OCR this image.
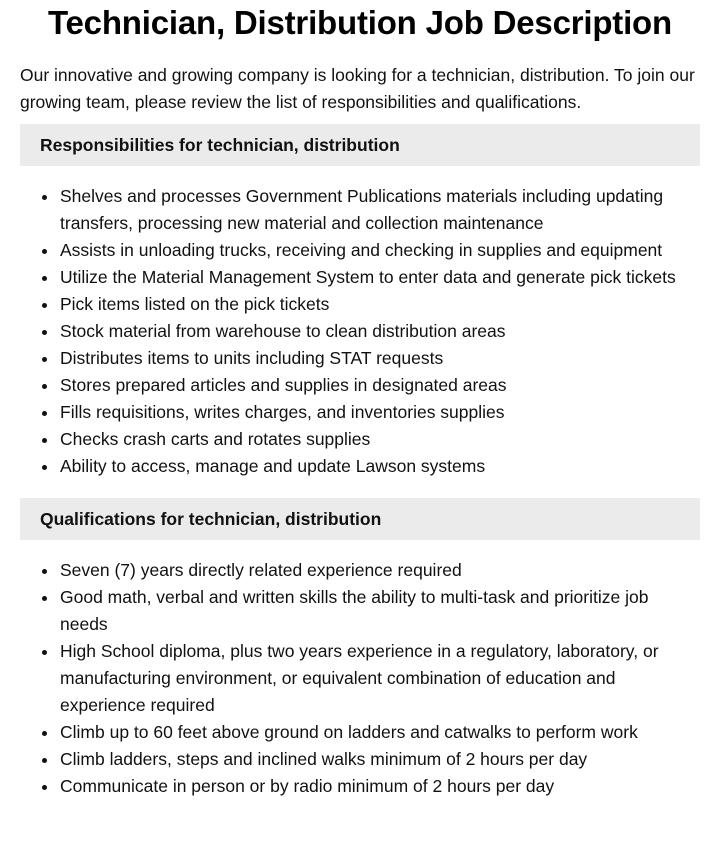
Technician, Distribution Job Description

Our innovative and growing company is looking for a technician, distribution. To join our growing team, please review the list of responsibilities and qualifications.

Responsibilities for technician, distribution
Shelves and processes Government Publications materials including updating transfers, processing new material and collection maintenance
Assists in unloading trucks, receiving and checking in supplies and equipment
Utilize the Material Management System to enter data and generate pick tickets
Pick items listed on the pick tickets
Stock material from warehouse to clean distribution areas
Distributes items to units including STAT requests
Stores prepared articles and supplies in designated areas
Fills requisitions, writes charges, and inventories supplies
Checks crash carts and rotates supplies
Ability to access, manage and update Lawson systems
Qualifications for technician, distribution
Seven (7) years directly related experience required
Good math, verbal and written skills the ability to multi-task and prioritize job needs
High School diploma, plus two years experience in a regulatory, laboratory, or manufacturing environment, or equivalent combination of education and experience required
Climb up to 60 feet above ground on ladders and catwalks to perform work
Climb ladders, steps and inclined walks minimum of 2 hours per day
Communicate in person or by radio minimum of 2 hours per day
